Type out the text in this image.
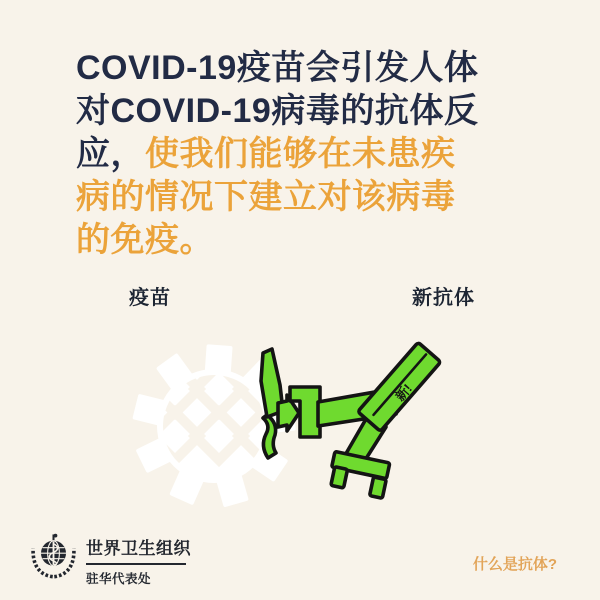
COVID-19疫苗会引发人体
对COVID-19病毒的抗体反
应，使我们能够在未患疾
病的情况下建立对该病毒
的免疫。
疫苗	新抗体
新!
世界卫生组织
驻华代表处
什么是抗体?
